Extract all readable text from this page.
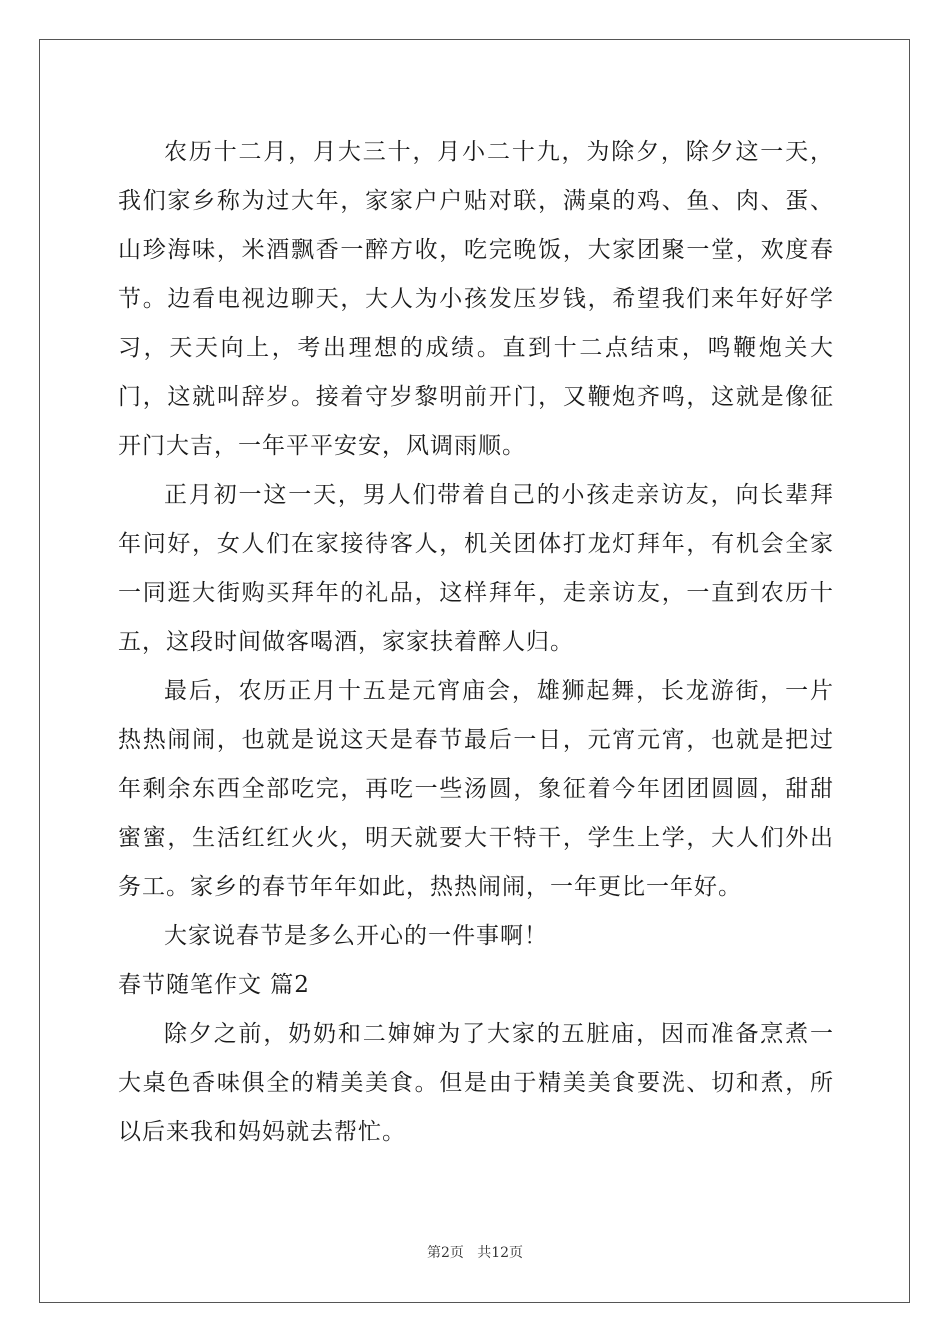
农历十二月，月大三十，月小二十九，为除夕，除夕这一天，我们家乡称为过大年，家家户户贴对联，满桌的鸡、鱼、肉、蛋、山珍海味，米酒飘香一醉方收，吃完晚饭，大家团聚一堂，欢度春节。边看电视边聊天，大人为小孩发压岁钱，希望我们来年好好学习，天天向上，考出理想的成绩。直到十二点结束，鸣鞭炮关大门，这就叫辞岁。接着守岁黎明前开门，又鞭炮齐鸣，这就是像征开门大吉，一年平平安安，风调雨顺。

正月初一这一天，男人们带着自己的小孩走亲访友，向长辈拜年问好，女人们在家接待客人，机关团体打龙灯拜年，有机会全家一同逛大街购买拜年的礼品，这样拜年，走亲访友，一直到农历十五，这段时间做客喝酒，家家扶着醉人归。

最后，农历正月十五是元宵庙会，雄狮起舞，长龙游街，一片热热闹闹，也就是说这天是春节最后一日，元宵元宵，也就是把过年剩余东西全部吃完，再吃一些汤圆，象征着今年团团圆圆，甜甜蜜蜜，生活红红火火，明天就要大干特干，学生上学，大人们外出务工。家乡的春节年年如此，热热闹闹，一年更比一年好。

大家说春节是多么开心的一件事啊！

春节随笔作文 篇2

除夕之前，奶奶和二婶婶为了大家的五脏庙，因而准备烹煮一大桌色香味俱全的精美美食。但是由于精美美食要洗、切和煮，所以后来我和妈妈就去帮忙。

第2页   共12页
